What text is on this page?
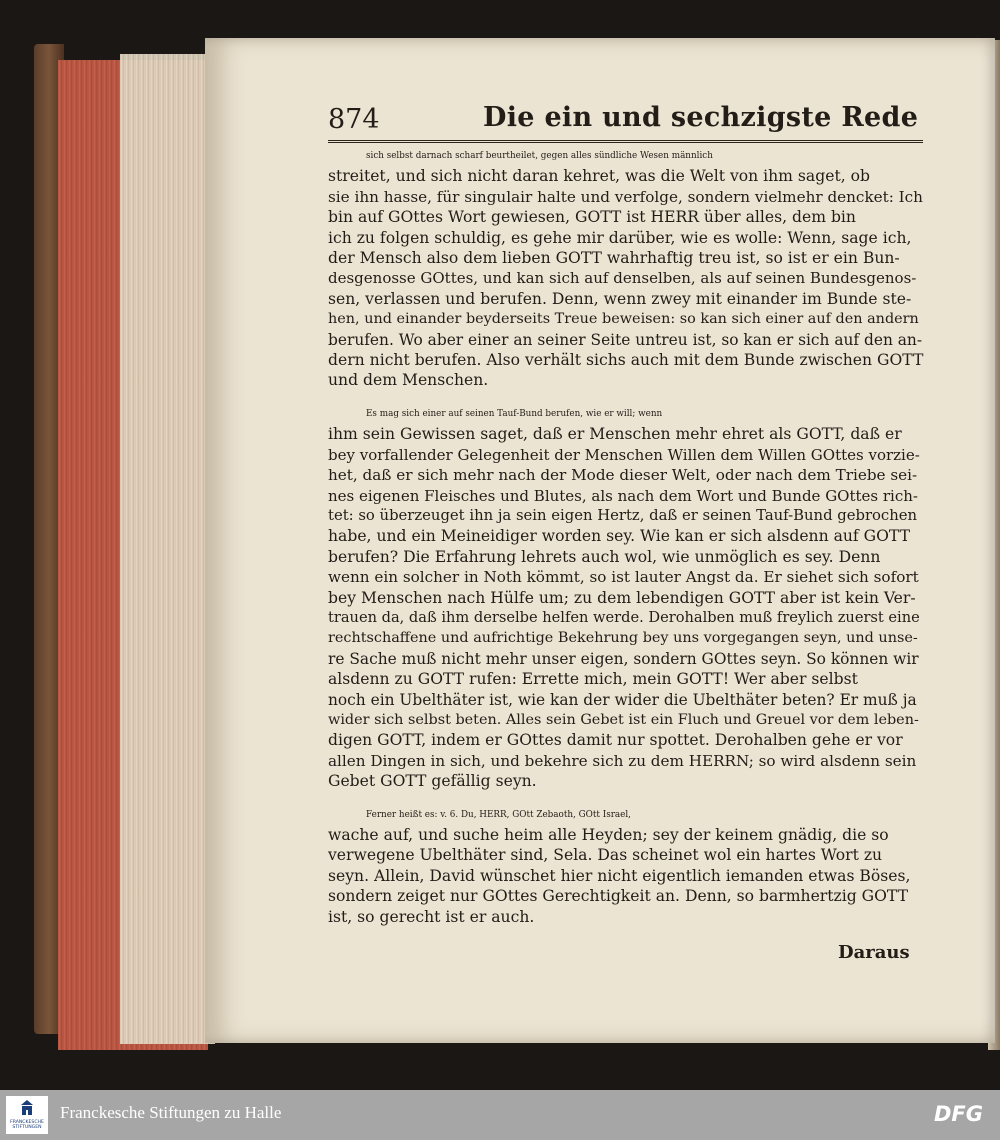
874	Die ein und sechzigste Rede
sich selbst darnach scharf beurtheilet, gegen alles sündliche Wesen männlich
streitet, und sich nicht daran kehret, was die Welt von ihm saget, ob
sie ihn hasse, für singulair halte und verfolge, sondern vielmehr dencket: Ich
bin auf GOttes Wort gewiesen, GOTT ist HERR über alles, dem bin
ich zu folgen schuldig, es gehe mir darüber, wie es wolle: Wenn, sage ich,
der Mensch also dem lieben GOTT wahrhaftig treu ist, so ist er ein Bun-
desgenosse GOttes, und kan sich auf denselben, als auf seinen Bundesgenos-
sen, verlassen und berufen. Denn, wenn zwey mit einander im Bunde ste-
hen, und einander beyderseits Treue beweisen: so kan sich einer auf den andern
berufen. Wo aber einer an seiner Seite untreu ist, so kan er sich auf den an-
dern nicht berufen. Also verhält sichs auch mit dem Bunde zwischen GOTT
und dem Menschen.
Es mag sich einer auf seinen Tauf-Bund berufen, wie er will; wenn
ihm sein Gewissen saget, daß er Menschen mehr ehret als GOTT, daß er
bey vorfallender Gelegenheit der Menschen Willen dem Willen GOttes vorzie-
het, daß er sich mehr nach der Mode dieser Welt, oder nach dem Triebe sei-
nes eigenen Fleisches und Blutes, als nach dem Wort und Bunde GOttes rich-
tet: so überzeuget ihn ja sein eigen Hertz, daß er seinen Tauf-Bund gebrochen
habe, und ein Meineidiger worden sey. Wie kan er sich alsdenn auf GOTT
berufen? Die Erfahrung lehrets auch wol, wie unmöglich es sey. Denn
wenn ein solcher in Noth kömmt, so ist lauter Angst da. Er siehet sich sofort
bey Menschen nach Hülfe um; zu dem lebendigen GOTT aber ist kein Ver-
trauen da, daß ihm derselbe helfen werde. Derohalben muß freylich zuerst eine
rechtschaffene und aufrichtige Bekehrung bey uns vorgegangen seyn, und unse-
re Sache muß nicht mehr unser eigen, sondern GOttes seyn. So können wir
alsdenn zu GOTT rufen: Errette mich, mein GOTT! Wer aber selbst
noch ein Ubelthäter ist, wie kan der wider die Ubelthäter beten? Er muß ja
wider sich selbst beten. Alles sein Gebet ist ein Fluch und Greuel vor dem leben-
digen GOTT, indem er GOttes damit nur spottet. Derohalben gehe er vor
allen Dingen in sich, und bekehre sich zu dem HERRN; so wird alsdenn sein
Gebet GOTT gefällig seyn.
Ferner heißt es: v. 6. Du, HERR, GOtt Zebaoth, GOtt Israel,
wache auf, und suche heim alle Heyden; sey der keinem gnädig, die so
verwegene Ubelthäter sind, Sela. Das scheinet wol ein hartes Wort zu
seyn. Allein, David wünschet hier nicht eigentlich iemanden etwas Böses,
sondern zeiget nur GOttes Gerechtigkeit an. Denn, so barmhertzig GOTT
ist, so gerecht ist er auch.
Daraus
FRANCKESCHE STIFTUNGEN
Franckesche Stiftungen zu Halle	DFG
